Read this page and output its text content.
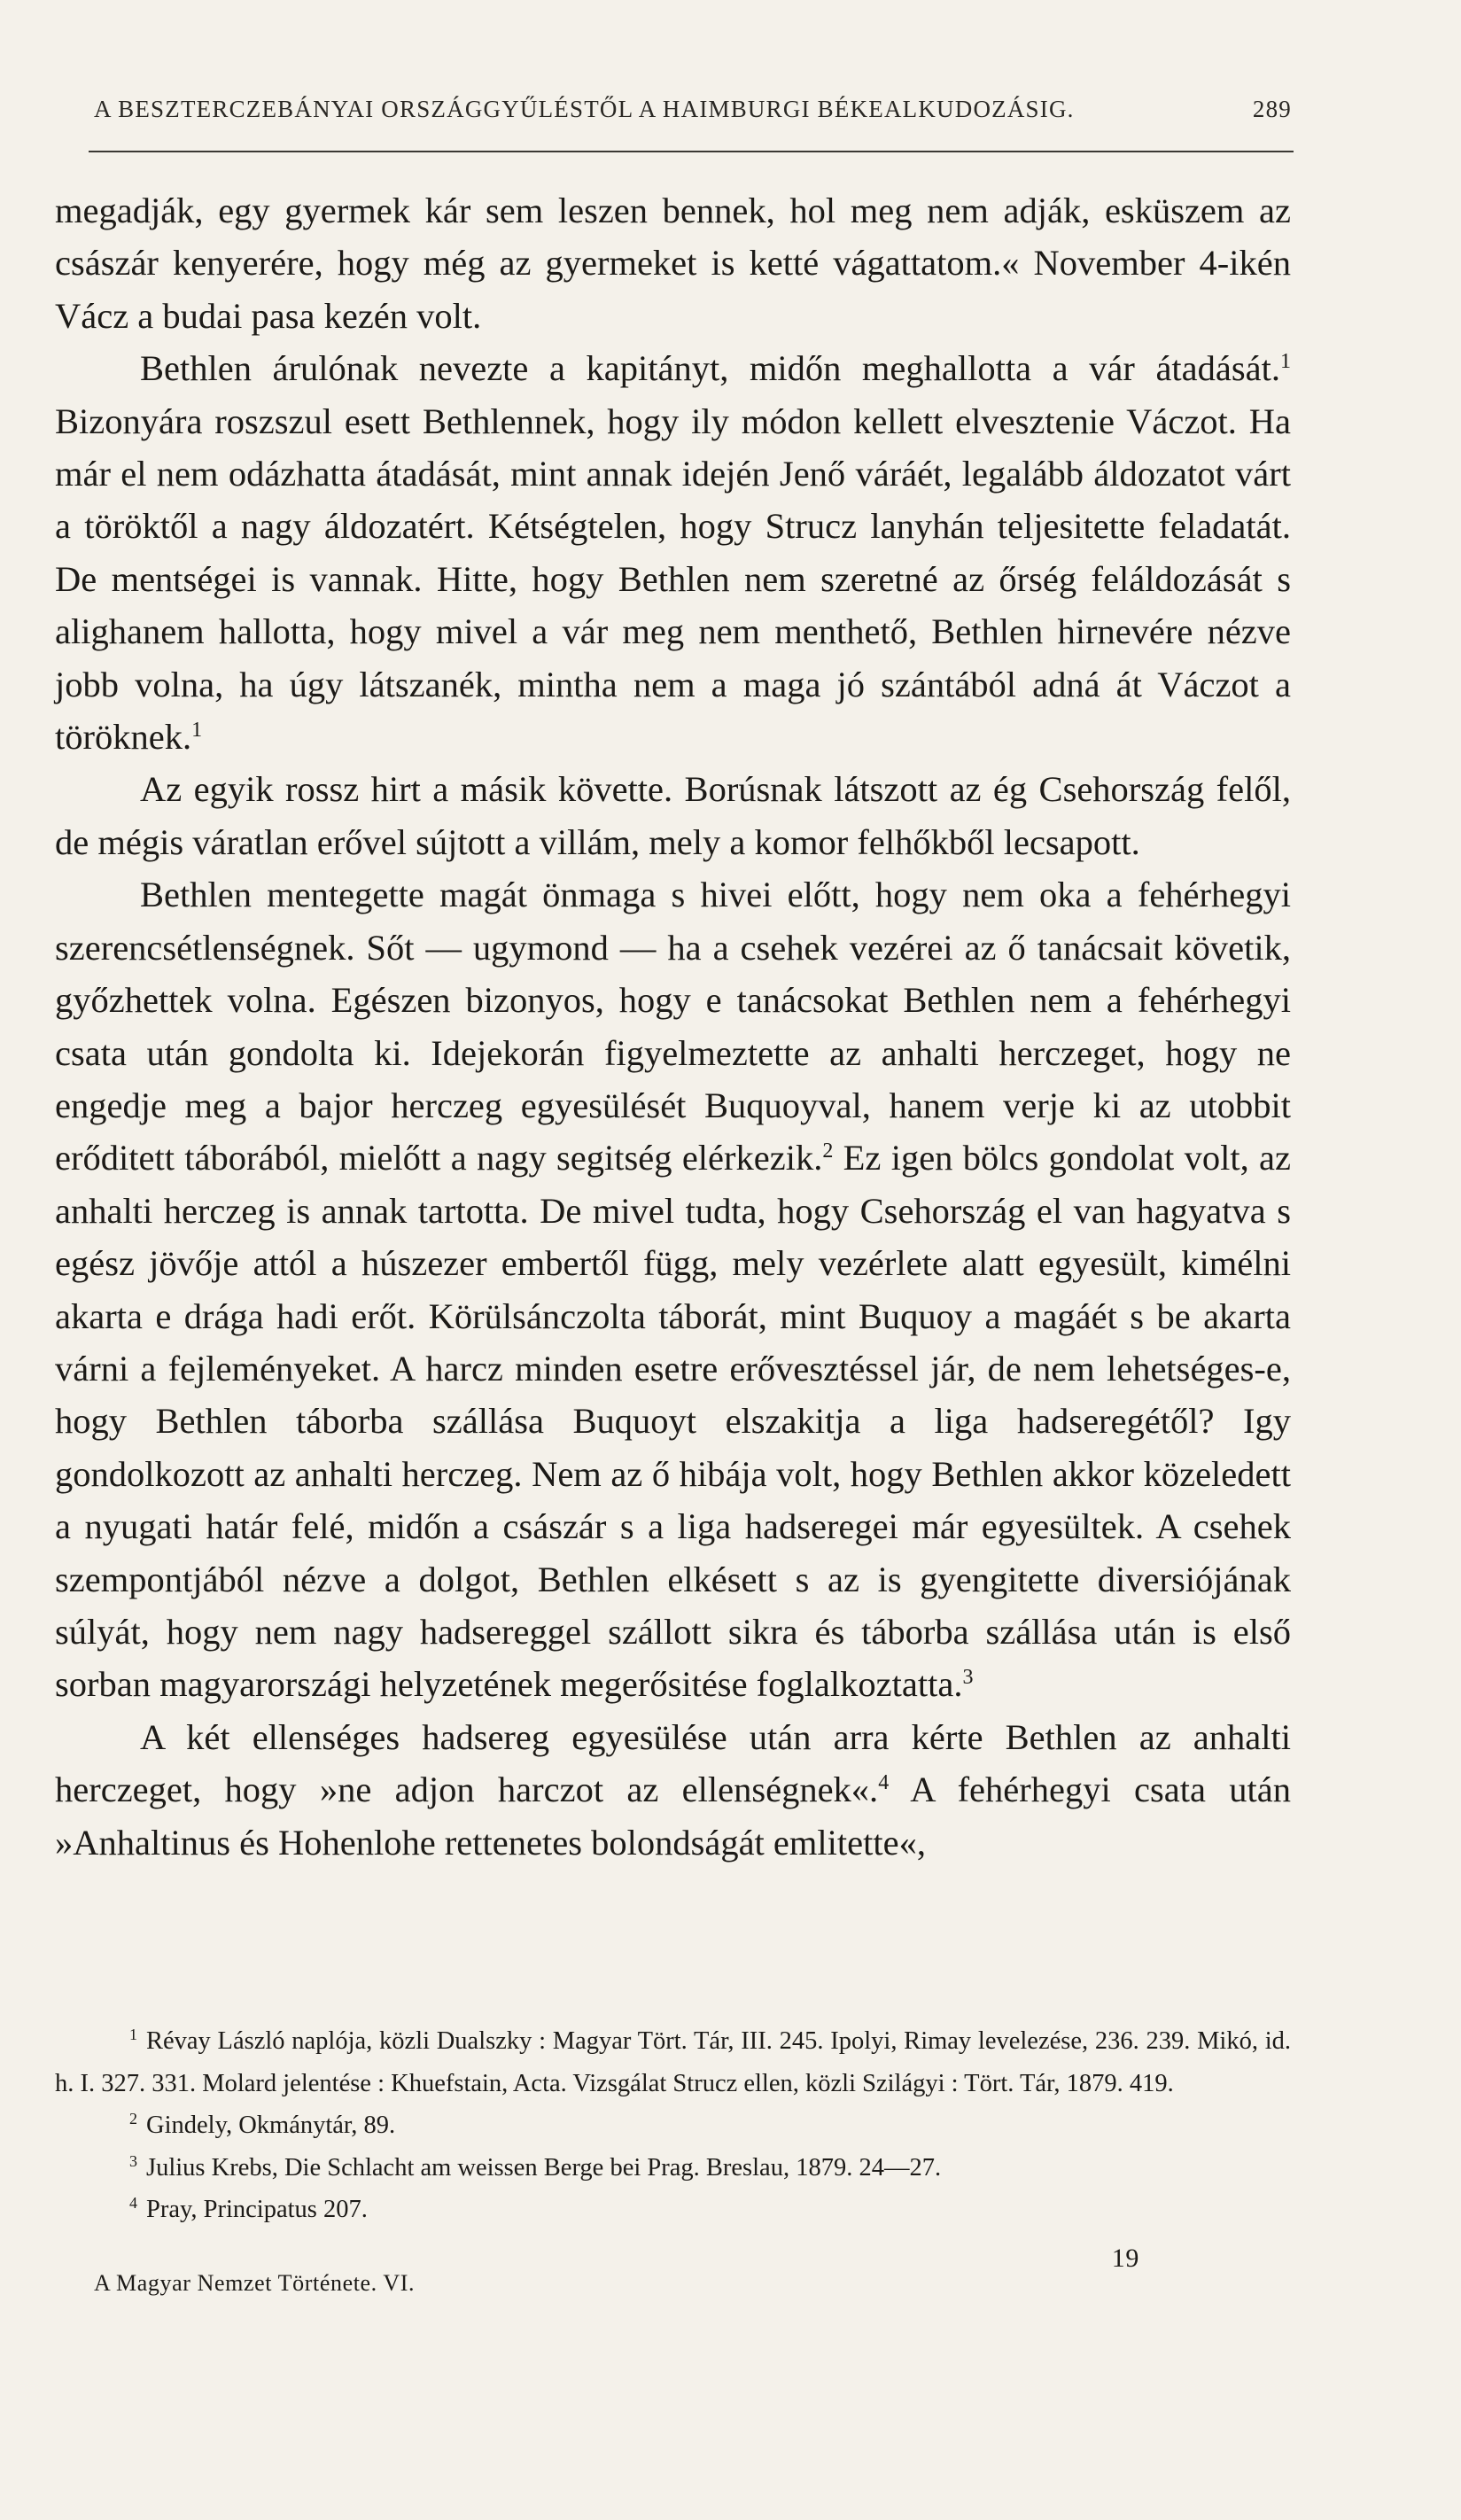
A BESZTERCZEBÁNYAI ORSZÁGGYŰLÉSTŐL A HAIMBURGI BÉKEALKUDOZÁSIG.	289

megadják, egy gyermek kár sem leszen bennek, hol meg nem adják, esküszem az császár kenyerére, hogy még az gyermeket is ketté vágattatom.« November 4-ikén Vácz a budai pasa kezén volt.

Bethlen árulónak nevezte a kapitányt, midőn meghallotta a vár átadását.$^1$ Bizonyára roszszul esett Bethlennek, hogy ily módon kellett elvesztenie Váczot. Ha már el nem odázhatta átadását, mint annak idején Jenő váráét, legalább áldozatot várt a töröktől a nagy áldozatért. Kétségtelen, hogy Strucz lanyhán teljesitette feladatát. De mentségei is vannak. Hitte, hogy Bethlen nem szeretné az őrség feláldozását s alighanem hallotta, hogy mivel a vár meg nem menthető, Bethlen hirnevére nézve jobb volna, ha úgy látszanék, mintha nem a maga jó szántából adná át Váczot a töröknek.$^1$

Az egyik rossz hirt a másik követte. Borúsnak látszott az ég Csehország felől, de mégis váratlan erővel sújtott a villám, mely a komor felhőkből lecsapott.

Bethlen mentegette magát önmaga s hivei előtt, hogy nem oka a fehérhegyi szerencsétlenségnek. Sőt — ugymond — ha a csehek vezérei az ő tanácsait követik, győzhettek volna. Egészen bizonyos, hogy e tanácsokat Bethlen nem a fehérhegyi csata után gondolta ki. Idejekorán figyelmeztette az anhalti herczeget, hogy ne engedje meg a bajor herczeg egyesülését Buquoyval, hanem verje ki az utobbit erőditett táborából, mielőtt a nagy segitség elérkezik.$^2$ Ez igen bölcs gondolat volt, az anhalti herczeg is annak tartotta. De mivel tudta, hogy Csehország el van hagyatva s egész jövője attól a húszezer embertől függ, mely vezérlete alatt egyesült, kimélni akarta e drága hadi erőt. Körülsánczolta táborát, mint Buquoy a magáét s be akarta várni a fejleményeket. A harcz minden esetre erővesztéssel jár, de nem lehetséges-e, hogy Bethlen táborba szállása Buquoyt elszakitja a liga hadseregétől? Igy gondolkozott az anhalti herczeg. Nem az ő hibája volt, hogy Bethlen akkor közeledett a nyugati határ felé, midőn a császár s a liga hadseregei már egyesültek. A csehek szempontjából nézve a dolgot, Bethlen elkésett s az is gyengitette diversiójának súlyát, hogy nem nagy hadsereggel szállott sikra és táborba szállása után is első sorban magyarországi helyzetének megerősitése foglalkoztatta.$^3$

A két ellenséges hadsereg egyesülése után arra kérte Bethlen az anhalti herczeget, hogy »ne adjon harczot az ellenségnek«.$^4$ A fehérhegyi csata után »Anhaltinus és Hohenlohe rettenetes bolondságát emlitette«,

$^1$ Révay László naplója, közli Dualszky : Magyar Tört. Tár, III. 245. Ipolyi, Rimay levelezése, 236. 239. Mikó, id. h. I. 327. 331. Molard jelentése : Khuefstain, Acta. Vizsgálat Strucz ellen, közli Szilágyi : Tört. Tár, 1879. 419.

$^2$ Gindely, Okmánytár, 89.

$^3$ Julius Krebs, Die Schlacht am weissen Berge bei Prag. Breslau, 1879. 24—27.

$^4$ Pray, Principatus 207.

A Magyar Nemzet Története. VI.
19
